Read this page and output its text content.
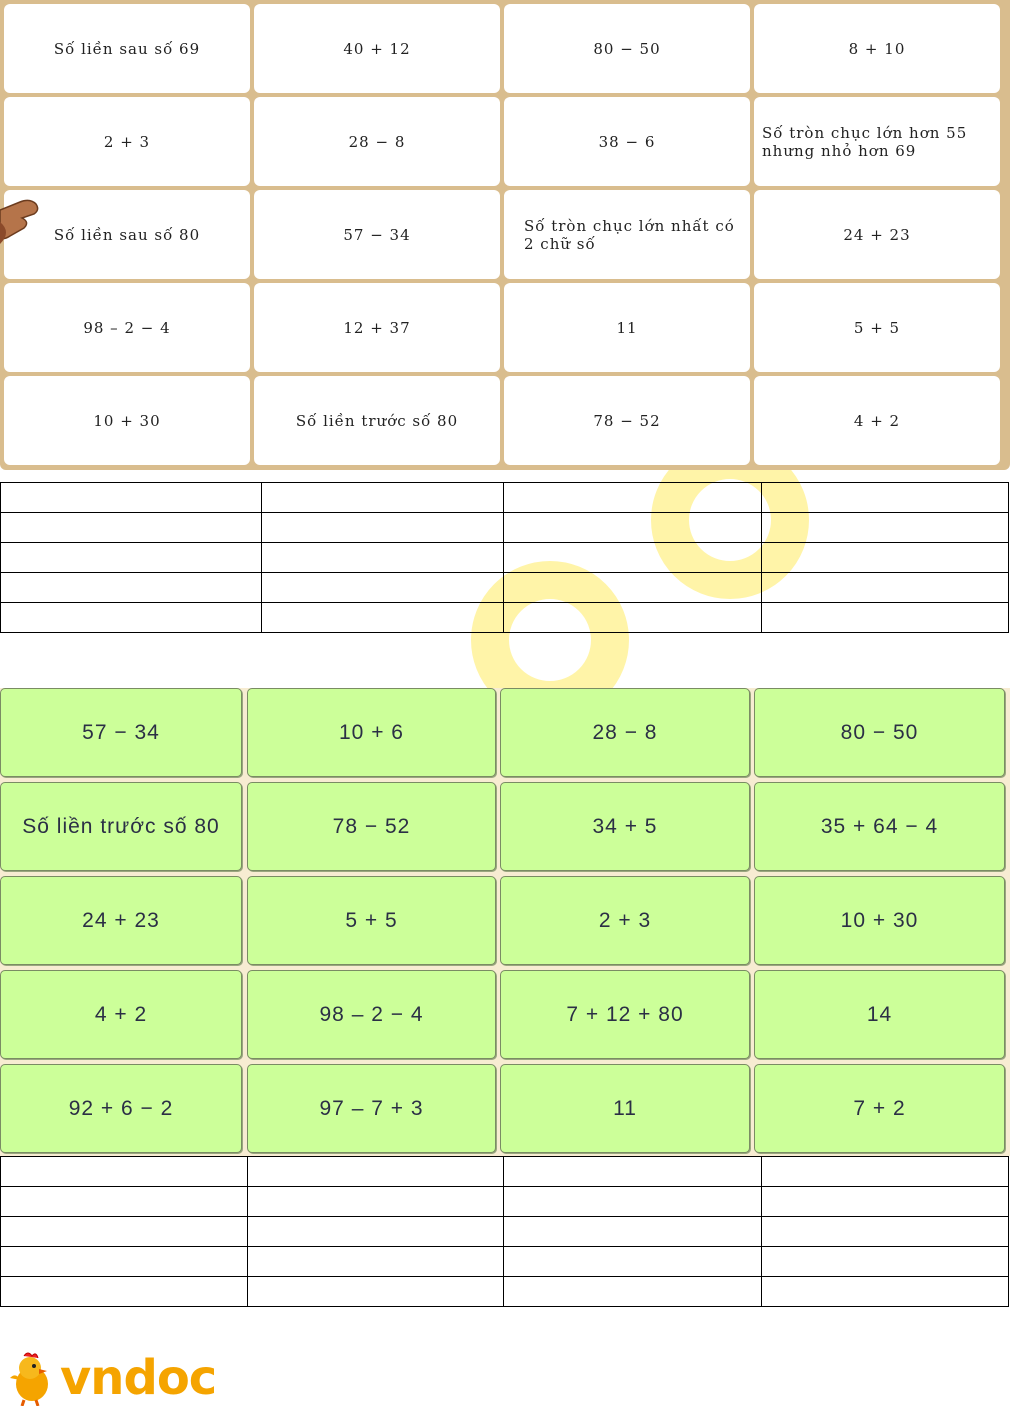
Số liền sau số 69	40 + 12	80 − 50	8 + 10
2 + 3	28 − 8	38 − 6	Số tròn chục lớn hơn 55 nhưng nhỏ hơn 69
Số liền sau số 80	57 − 34	Số tròn chục lớn nhất có 2 chữ số	24 + 23
98 – 2 − 4	12 + 37	11	5 + 5
10 + 30	Số liền trước số 80	78 − 52	4 + 2

57 − 34	10 + 6	28 − 8	80 − 50
Số liền trước số 80	78 − 52	34 + 5	35 + 64 − 4
24 + 23	5 + 5	2 + 3	10 + 30
4 + 2	98 – 2 − 4	7 + 12 + 80	14
92 + 6 − 2	97 – 7 + 3	11	7 + 2

vndoc
